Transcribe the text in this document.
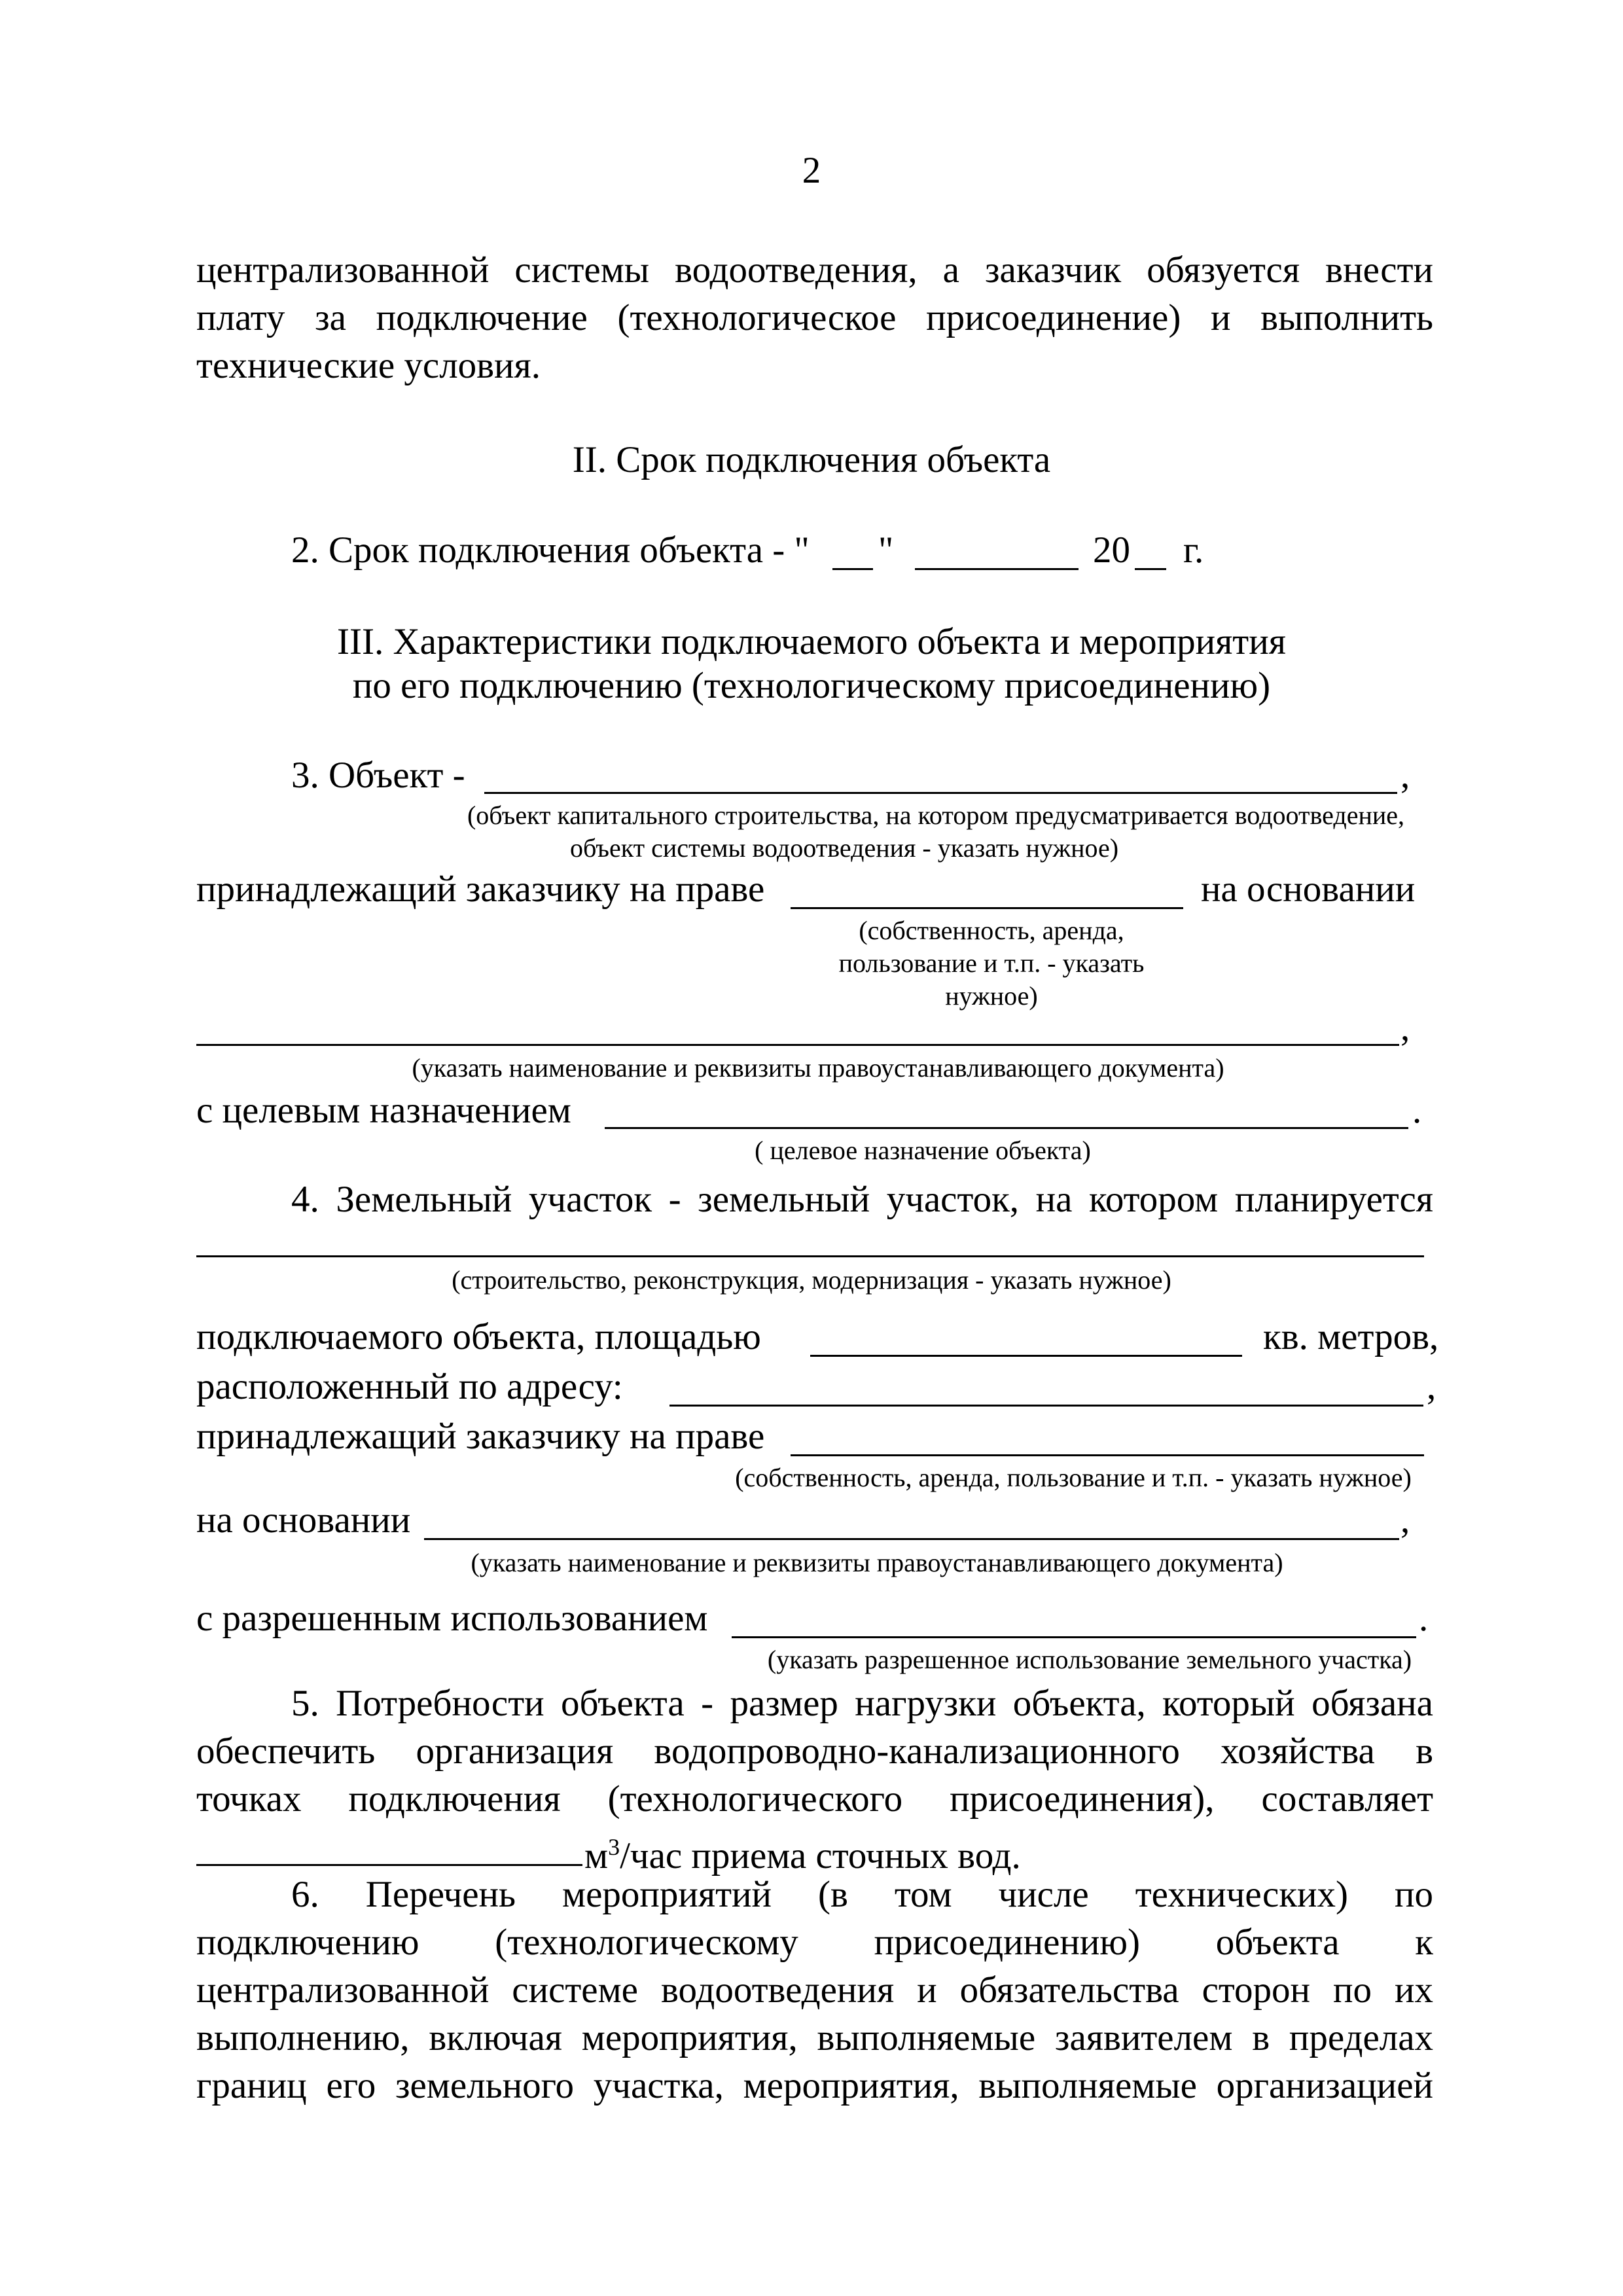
2
централизованной системы водоотведения, а заказчик обязуется внести
плату за подключение (технологическое присоединение) и выполнить
технические условия.
II. Срок подключения объекта
2. Срок подключения объекта - " "	20 г.
III. Характеристики подключаемого объекта и мероприятия
по его подключению (технологическому присоединению)
3. Объект -	,
(объект капитального строительства, на котором предусматривается водоотведение,
объект системы водоотведения - указать нужное)
принадлежащий заказчику на праве	на основании
(собственность, аренда,
пользование и т.п. - указать
нужное)
,
(указать наименование и реквизиты правоустанавливающего документа)
с целевым назначением	.
( целевое назначение объекта)
4. Земельный участок - земельный участок, на котором планируется
(строительство, реконструкция, модернизация - указать нужное)
подключаемого объекта, площадью	кв. метров,
расположенный по адресу:	,
принадлежащий заказчику на праве
(собственность, аренда, пользование и т.п. - указать нужное)
на основании	,
(указать наименование и реквизиты правоустанавливающего документа)
с разрешенным использованием	.
(указать разрешенное использование земельного участка)
5. Потребности объекта - размер нагрузки объекта, который обязана
обеспечить организация водопроводно-канализационного хозяйства в
точках подключения (технологического присоединения), составляет
$м^3$/час приема сточных вод.
6. Перечень мероприятий (в том числе технических) по
подключению (технологическому присоединению) объекта к
централизованной системе водоотведения и обязательства сторон по их
выполнению, включая мероприятия, выполняемые заявителем в пределах
границ его земельного участка, мероприятия, выполняемые организацией
